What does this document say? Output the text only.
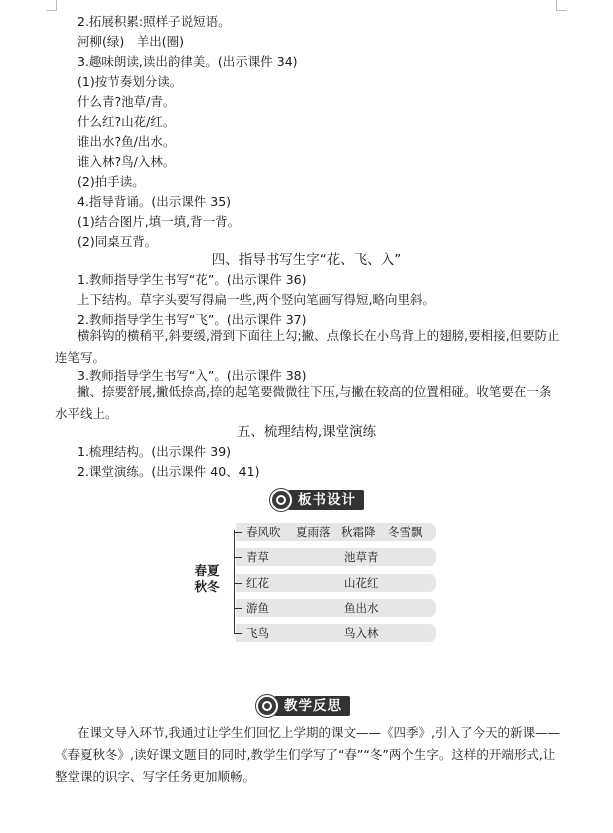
2.拓展积累:照样子说短语。
河柳(绿)　羊出(圈)
3.趣味朗读,读出韵律美。(出示课件 34)
(1)按节奏划分读。
什么青?池草/青。
什么红?山花/红。
谁出水?鱼/出水。
谁入林?鸟/入林。
(2)拍手读。
4.指导背诵。(出示课件 35)
(1)结合图片,填一填,背一背。
(2)同桌互背。
四、指导书写生字“花、飞、入”
1.教师指导学生书写“花”。(出示课件 36)
上下结构。草字头要写得扁一些,两个竖向笔画写得短,略向里斜。
2.教师指导学生书写“飞”。(出示课件 37)
横斜钩的横稍平,斜要缓,滑到下面往上勾;撇、点像长在小鸟背上的翅膀,要相接,但要防止连笔写。
3.教师指导学生书写“入”。(出示课件 38)
撇、捺要舒展,撇低捺高,捺的起笔要微微往下压,与撇在较高的位置相碰。收笔要在一条水平线上。
五、梳理结构,课堂演练
1.梳理结构。(出示课件 39)
2.课堂演练。(出示课件 40、41)
板书设计
春夏秋冬
春风吹 夏雨落 秋霜降 冬雪飘
青草	池草青
红花	山花红
游鱼	鱼出水
飞鸟	鸟入林
教学反思
在课文导入环节,我通过让学生们回忆上学期的课文——《四季》,引入了今天的新课——《春夏秋冬》,读好课文题目的同时,教学生们学写了“春”“冬”两个生字。这样的开端形式,让整堂课的识字、写字任务更加顺畅。
